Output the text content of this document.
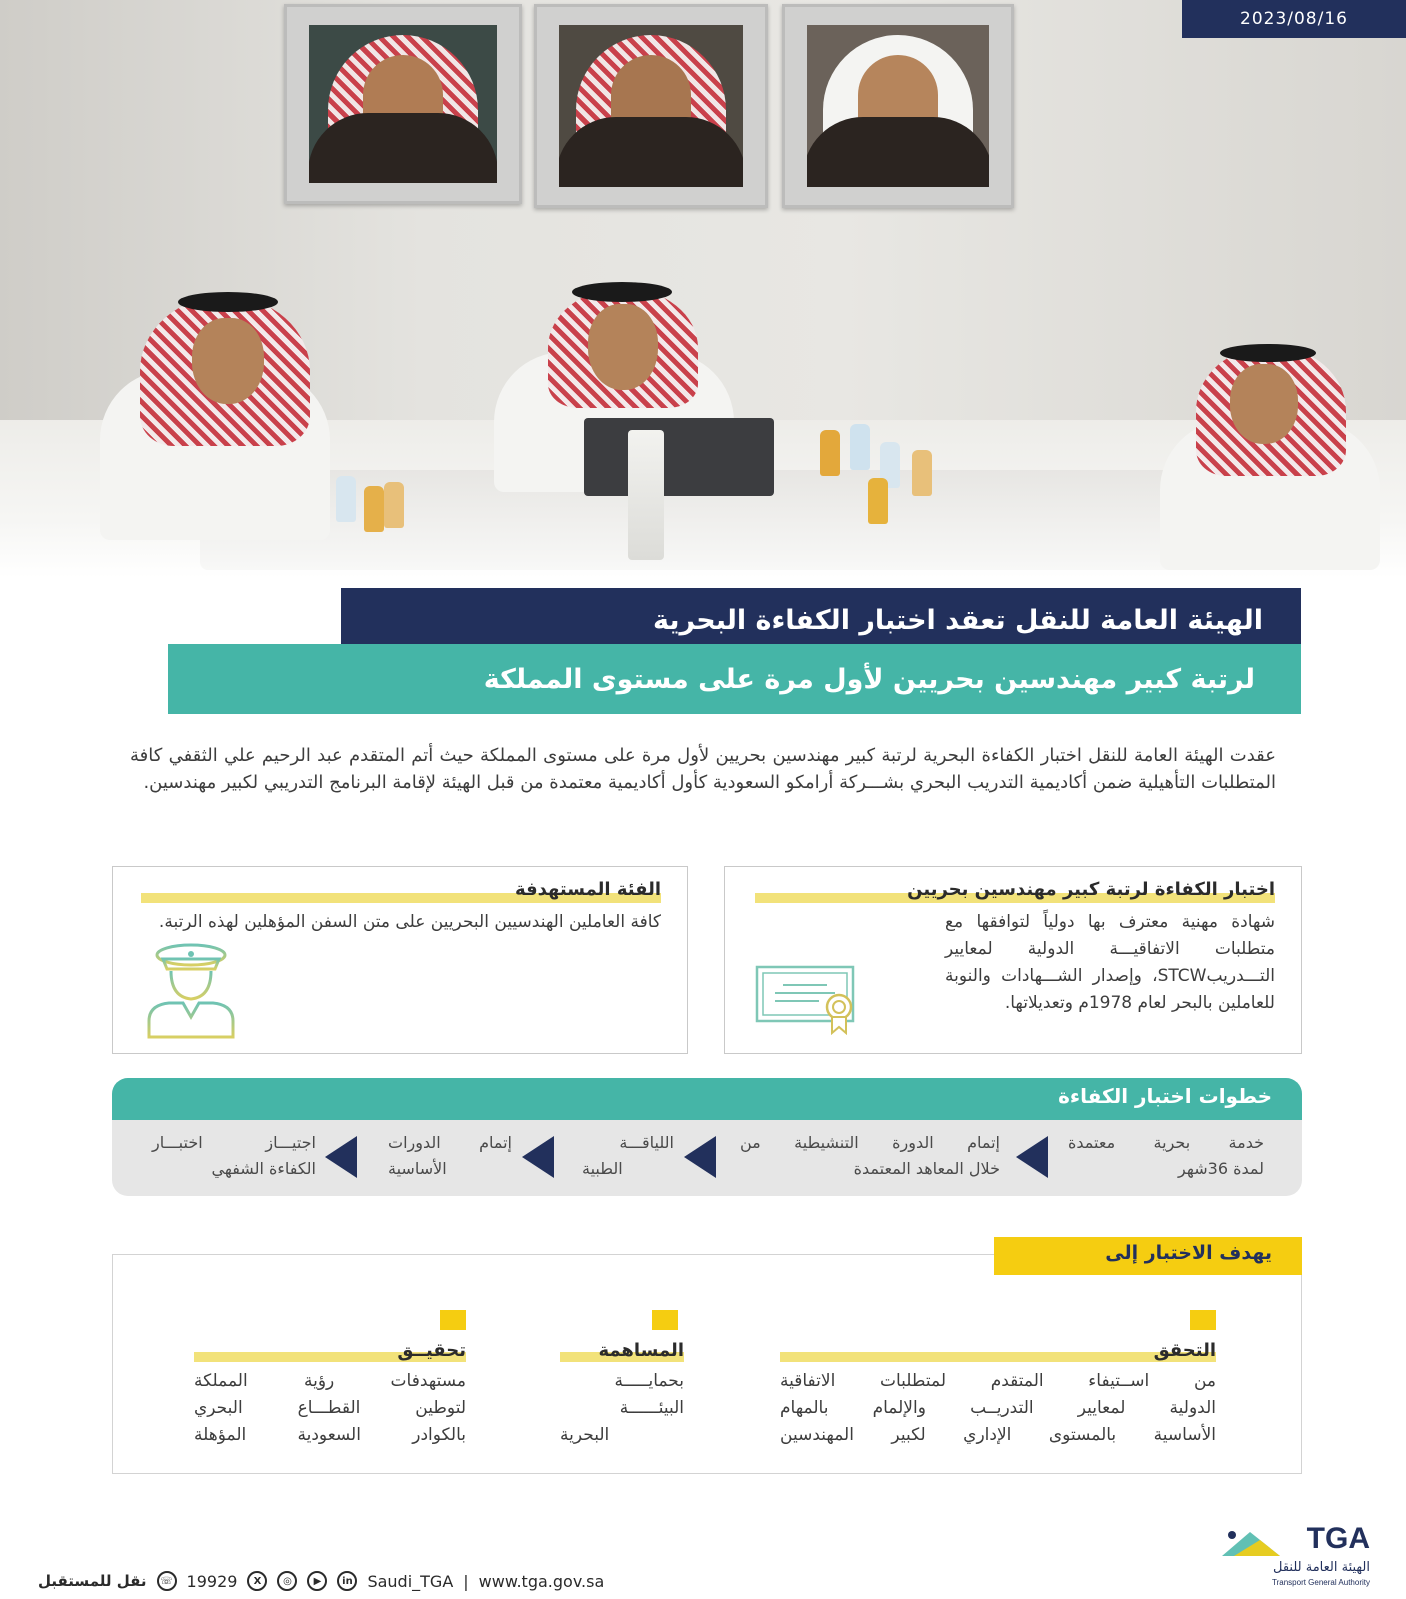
2023/08/16
الهيئة العامة للنقل تعقد اختبار الكفاءة البحرية
لرتبة كبير مهندسين بحريين لأول مرة على مستوى المملكة

عقدت الهيئة العامة للنقل اختبار الكفاءة البحرية لرتبة كبير مهندسين بحريين لأول مرة على مستوى المملكة حيث أتم المتقدم عبد الرحيم علي الثقفي كافة المتطلبات التأهيلية ضمن أكاديمية التدريب البحري بشـــركة أرامكو السعودية كأول أكاديمية معتمدة من قبل الهيئة لإقامة البرنامج التدريبي لكبير مهندسين.

اختبار الكفاءة لرتبة كبير مهندسين بحريين

شهادة مهنية معترف بها دولياً لتوافقها مع متطلبات الاتفاقيـــة الدولية لمعايير التـــدريبSTCW، وإصدار الشـــهادات والنوبة للعاملين بالبحر لعام 1978م وتعديلاتها.

الفئة المستهدفة

كافة العاملين الهندسيين البحريين على متن السفن المؤهلين لهذه الرتبة.

خطوات اختبار الكفاءة
خدمة بحرية معتمدة
لمدة 36شهر
إتمام الدورة التنشيطية من
خلال المعاهد المعتمدة
اللياقـــة
الطبية
إتمام الدورات
الأساسية
اجتيـــاز اختبـــار
الكفاءة الشفهي
يهدف الاختبار إلى
التحقق

من اســتيفاء المتقدم لمتطلبات الاتفاقية
الدولية لمعايير التدريــب والإلمام بالمهام
الأساسية بالمستوى الإداري لكبير المهندسين

المساهمة

بحمايـــــة
البيئــــــة
البحرية

تحقيــق

مستهدفات رؤية المملكة
لتوطين القطـــاع البحري
بالكوادر السعودية المؤهلة

نقل للمستقبل	☏ 19929	X	◎	▶	in Saudi_TGA | www.tga.gov.sa
TGA
الهيئة العامة للنقل
Transport General Authority
